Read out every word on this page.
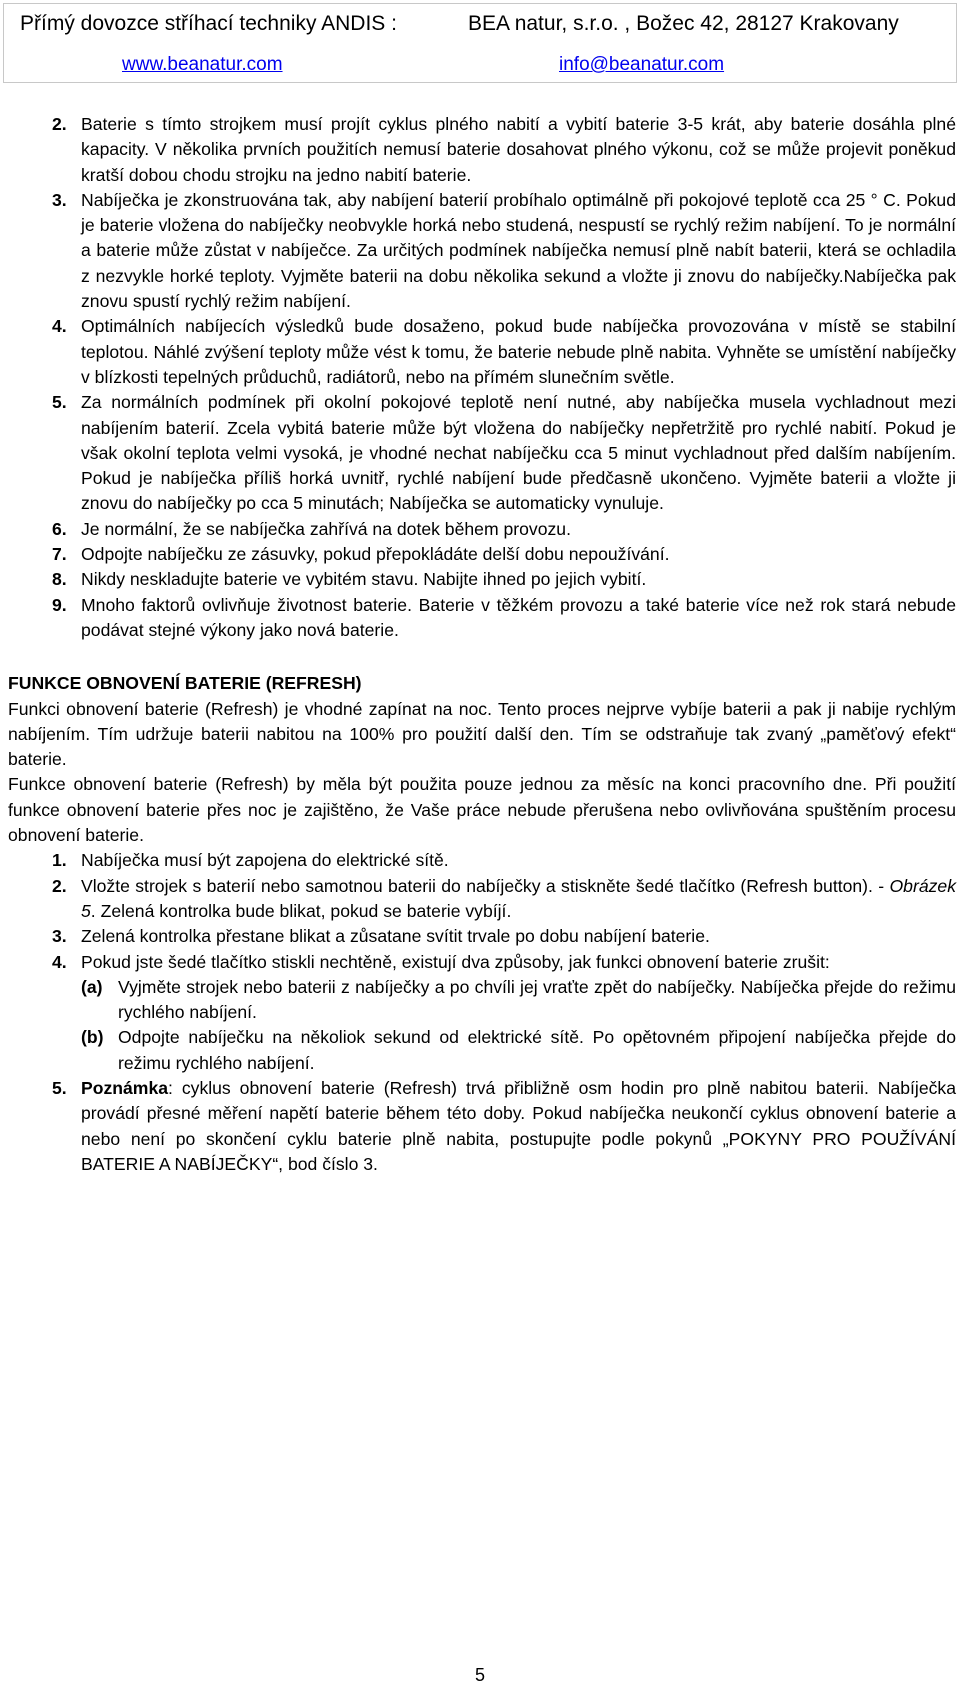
Přímý dovozce stříhací techniky ANDIS :	BEA natur, s.r.o. , Božec 42, 28127 Krakovany
www.beanatur.com	info@beanatur.com
2. Baterie s tímto strojkem musí projít cyklus plného nabití a vybití baterie 3-5 krát, aby baterie dosáhla plné kapacity. V několika prvních použitích nemusí baterie dosahovat plného výkonu, což se může projevit poněkud kratší dobou chodu strojku na jedno nabití baterie.
3. Nabíječka je zkonstruována tak, aby nabíjení baterií probíhalo optimálně při pokojové teplotě cca 25 ° C. Pokud je baterie vložena do nabíječky neobvykle horká nebo studená, nespustí se rychlý režim nabíjení. To je normální a baterie může zůstat v nabíječce. Za určitých podmínek nabíječka nemusí plně nabít baterii, která se ochladila z nezvykle horké teploty. Vyjměte baterii na dobu několika sekund a vložte ji znovu do nabíječky.Nabíječka pak znovu spustí rychlý režim nabíjení.
4. Optimálních nabíjecích výsledků bude dosaženo, pokud bude nabíječka provozována v místě se stabilní teplotou. Náhlé zvýšení teploty může vést k tomu, že baterie nebude plně nabita. Vyhněte se umístění nabíječky v blízkosti tepelných průduchů, radiátorů, nebo na přímém slunečním světle.
5. Za normálních podmínek při okolní pokojové teplotě není nutné, aby nabíječka musela vychladnout mezi nabíjením baterií. Zcela vybitá baterie může být vložena do nabíječky nepřetržitě pro rychlé nabití. Pokud je však okolní teplota velmi vysoká, je vhodné nechat nabíječku cca 5 minut vychladnout před dalším nabíjením. Pokud je nabíječka příliš horká uvnitř, rychlé nabíjení bude předčasně ukončeno. Vyjměte baterii a vložte ji znovu do nabíječky po cca 5 minutách; Nabíječka se automaticky vynuluje.
6. Je normální, že se nabíječka zahřívá na dotek během provozu.
7. Odpojte nabíječku ze zásuvky, pokud přepokládáte delší dobu nepoužívání.
8. Nikdy neskladujte baterie ve vybitém stavu. Nabijte ihned po jejich vybití.
9. Mnoho faktorů ovlivňuje životnost baterie. Baterie v těžkém provozu a také baterie více než rok stará nebude podávat stejné výkony jako nová baterie.
FUNKCE OBNOVENÍ BATERIE (REFRESH)
Funkci obnovení baterie (Refresh) je vhodné zapínat na noc. Tento proces nejprve vybíje baterii a pak ji nabije rychlým nabíjením. Tím udržuje baterii nabitou na 100% pro použití další den. Tím se odstraňuje tak zvaný „paměťový efekt“ baterie.
Funkce obnovení baterie (Refresh) by měla být použita pouze jednou za měsíc na konci pracovního dne. Při použití funkce obnovení baterie přes noc je zajištěno, že Vaše práce nebude přerušena nebo ovlivňována spuštěním procesu obnovení baterie.
1. Nabíječka musí být zapojena do elektrické sítě.
2. Vložte strojek s baterií nebo samotnou baterii do nabíječky a stiskněte šedé tlačítko (Refresh button). - Obrázek 5. Zelená kontrolka bude blikat, pokud se baterie vybíjí.
3. Zelená kontrolka přestane blikat a zůsatane svítit trvale po dobu nabíjení baterie.
4. Pokud jste šedé tlačítko stiskli nechtěně, existují dva způsoby, jak funkci obnovení baterie zrušit:
(a) Vyjměte strojek nebo baterii z nabíječky a po chvíli jej vraťte zpět do nabíječky. Nabíječka přejde do režimu rychlého nabíjení.
(b) Odpojte nabíječku na několiok sekund od elektrické sítě. Po opětovném připojení nabíječka přejde do režimu rychlého nabíjení.
5. Poznámka: cyklus obnovení baterie (Refresh) trvá přibližně osm hodin pro plně nabitou baterii. Nabíječka provádí přesné měření napětí baterie během této doby. Pokud nabíječka neukončí cyklus obnovení baterie a nebo není po skončení cyklu baterie plně nabita, postupujte podle pokynů „POKYNY PRO POUŽÍVÁNÍ BATERIE A NABÍJEČKY“, bod číslo 3.
5
